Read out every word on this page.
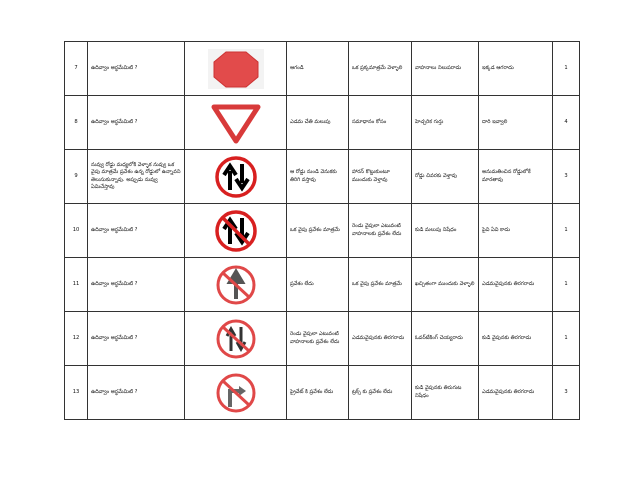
7	ఉదివ్వాం అర్థమేమిటి ?		ఆగండి	ఒక ప్రక్కమాత్రమే వెళ్ళాలి	వాహనాలు నిలుపరాదు	ఇక్కడ ఆగరాదు	1
8	ఉదివ్వాం అర్థమేమిటి ?		ఎడమ చేతి మలుపు	సమాధానం కోసం	హెచ్చరిక గుర్తు	దారి ఇవ్వాలి	4
9	నువ్వు రోడ్డు మధ్యలోకి వెళ్ళాక నువ్వు ఒక వైపు మాత్రమే ప్రవేశం ఉన్న రోడ్డులో ఉన్నావని తెలుసుకున్నావు. అప్పుడు నువ్వు ఏమిచేస్తావు		ఆ రోడ్డు నుండి వెనుకకు తిరిగి వస్తావు	హారన్ కొట్టుకుంటూ ముందుకు వెళ్తావు	రోడ్డు చివరకు వెళ్తావు	అనుమతించిన రోడ్డులోకే మారతావు	3
10	ఉదివ్వాం అర్థమేమిటి ?		ఒక వైపు ప్రవేశం మాత్రమే	రెండు వైపులా ఎటువంటి వాహనాలకు ప్రవేశం లేదు	కుడి మలుపు నిషేధం	పైవి ఏవి కాదు	1
11	ఉదివ్వాం అర్థమేమిటి ?		ప్రవేశం లేదు	ఒక వైపు ప్రవేశం మాత్రమే	ఖచ్చితంగా ముందుకు వెళ్ళాలి	ఎడమవైపునకు తిరగరాదు	1
12	ఉదివ్వాం అర్థమేమిటి ?		రెండు వైపులా ఎటువంటి వాహనాలకు ప్రవేశం లేదు	ఎడమవైపునకు తిరగరాదు	ఓవర్‌టేకింగ్ చెయ్యరాదు	కుడి వైపునకు తిరగరాదు	1
13	ఉదివ్వాం అర్థమేమిటి ?		ప్రైవేట్ కి ప్రవేశం లేదు	ట్రక్స్ కు ప్రవేశం లేదు	కుడి వైపునకు తిరుగుట నిషేధం	ఎడమవైపునకు తిరగరాదు	3
